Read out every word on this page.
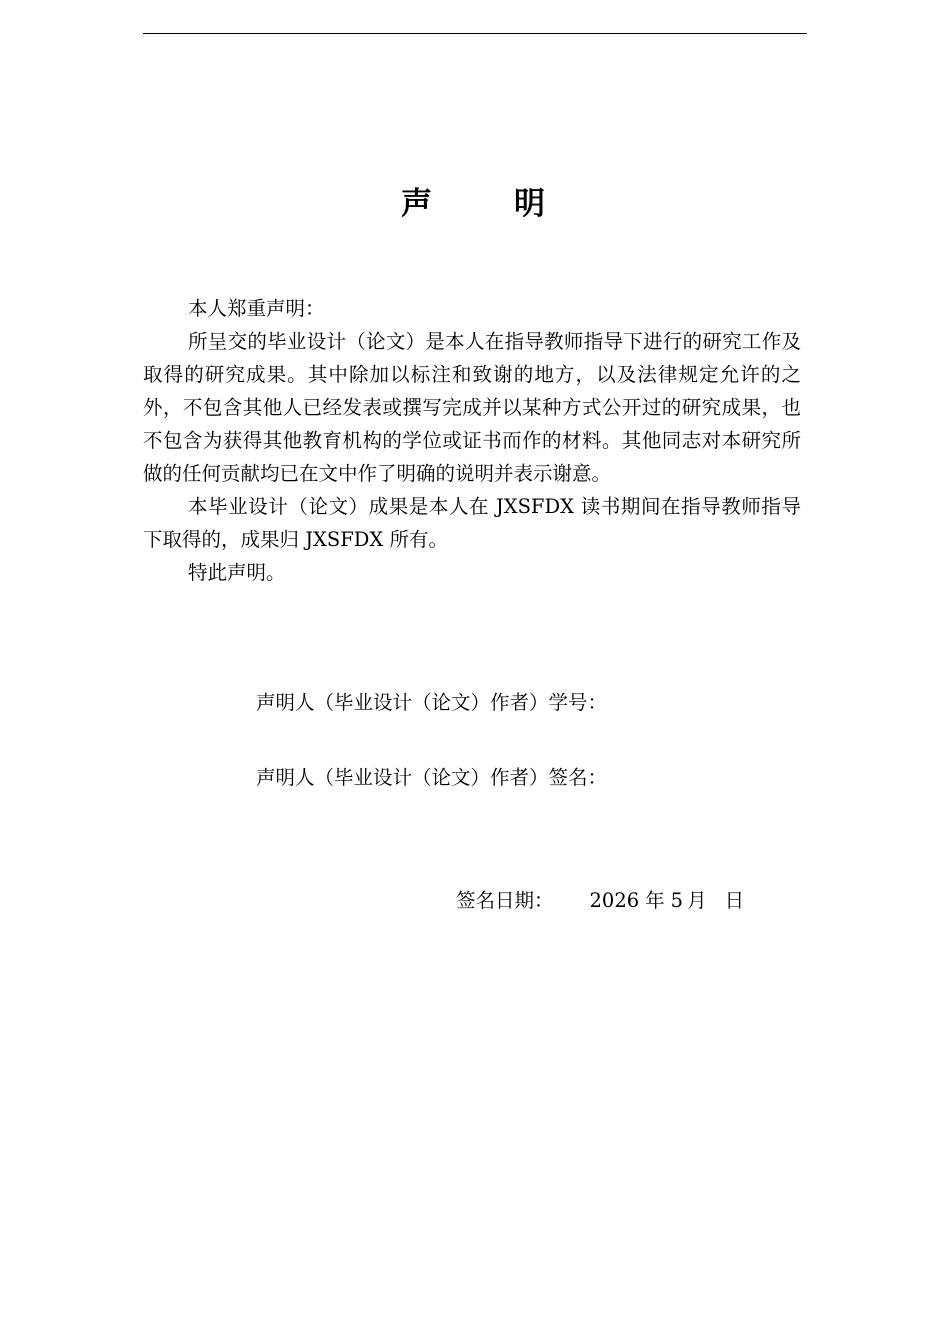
声明

本人郑重声明：

所呈交的毕业设计（论文）是本人在指导教师指导下进行的研究工作及取得的研究成果。其中除加以标注和致谢的地方，以及法律规定允许的之外，不包含其他人已经发表或撰写完成并以某种方式公开过的研究成果，也不包含为获得其他教育机构的学位或证书而作的材料。其他同志对本研究所做的任何贡献均已在文中作了明确的说明并表示谢意。

本毕业设计（论文）成果是本人在 JXSFDX 读书期间在指导教师指导下取得的，成果归 JXSFDX 所有。

特此声明。

声明人（毕业设计（论文）作者）学号：
声明人（毕业设计（论文）作者）签名：
签名日期： 2026 年 5 月 日
